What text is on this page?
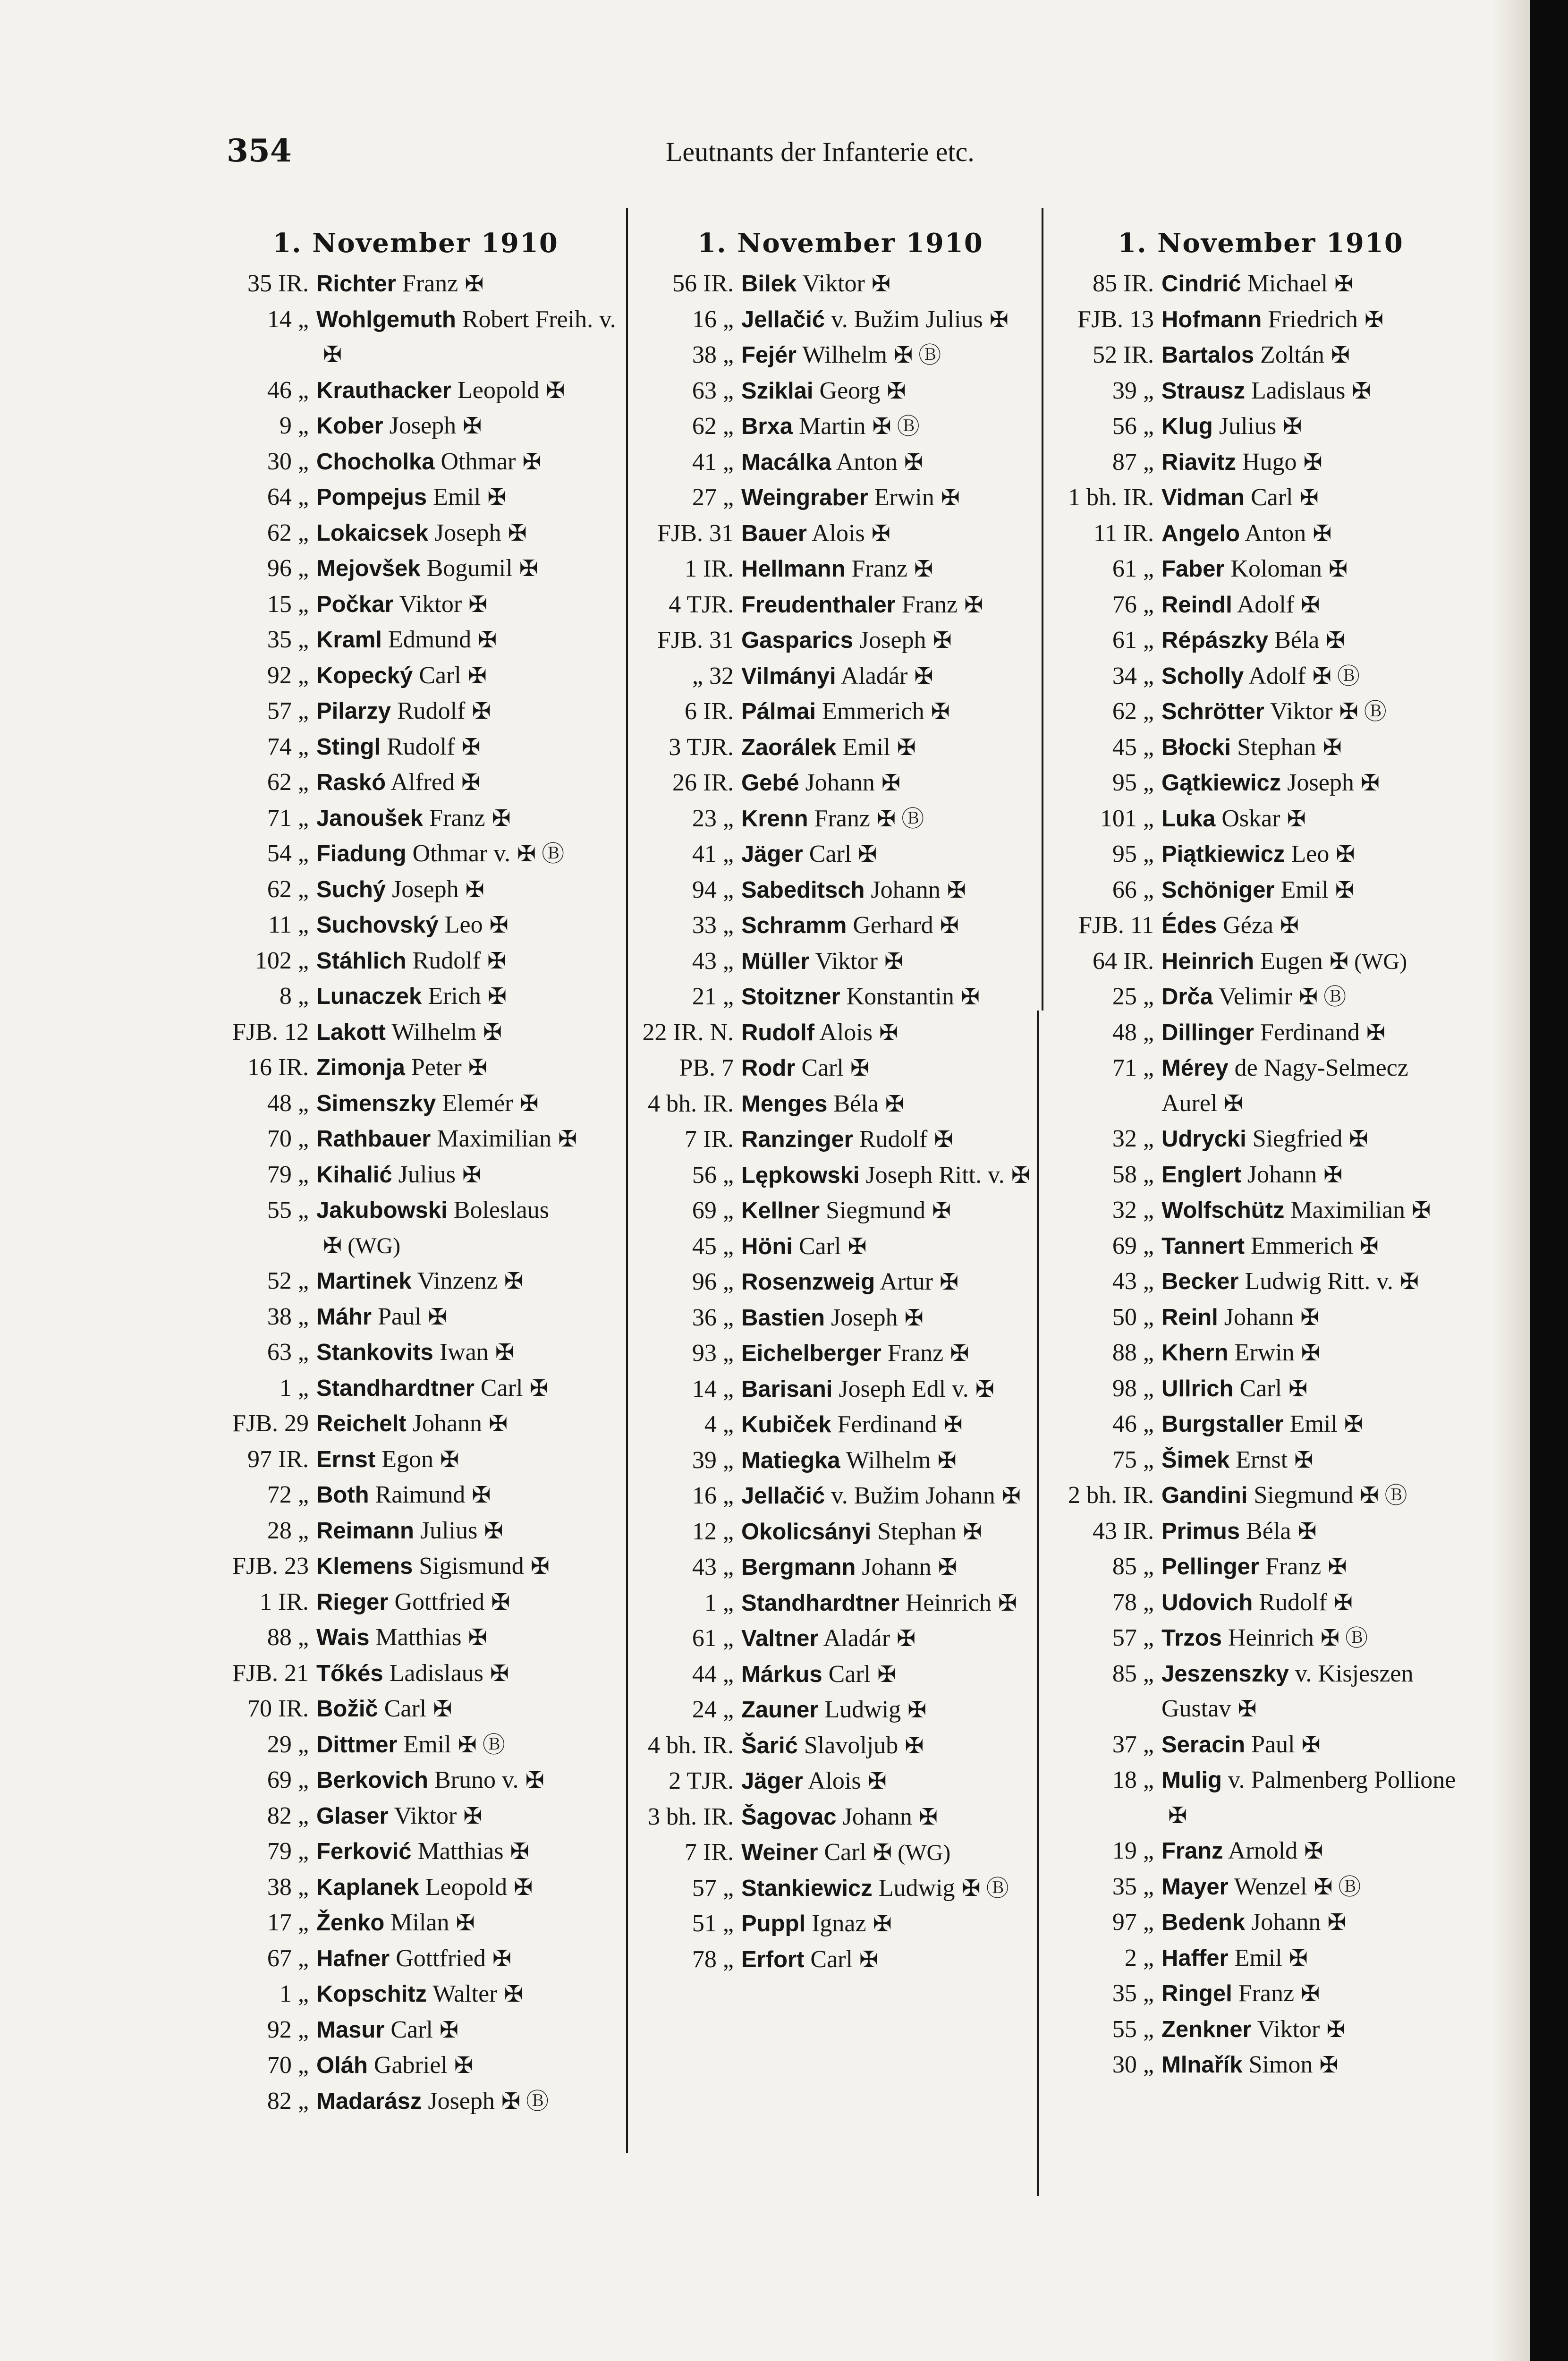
354	Leutnants der Infanterie etc.
1. November 1910
35 IR. Richter Franz ✠
14 „ Wohlgemuth Robert Freih. v.✠
46 „ Krauthacker Leopold ✠
9 „ Kober Joseph ✠
30 „ Chocholka Othmar ✠
64 „ Pompejus Emil ✠
62 „ Lokaicsek Joseph ✠
96 „ Mejovšek Bogumil ✠
15 „ Počkar Viktor ✠
35 „ Kraml Edmund ✠
92 „ Kopecký Carl ✠
57 „ Pilarzy Rudolf ✠
74 „ Stingl Rudolf ✠
62 „ Raskó Alfred ✠
71 „ Janoušek Franz ✠
54 „ Fiadung Othmar v. ✠ Ⓑ
62 „ Suchý Joseph ✠
11 „ Suchovský Leo ✠
102 „ Stáhlich Rudolf ✠
8 „ Lunaczek Erich ✠
FJB. 12 Lakott Wilhelm ✠
16 IR. Zimonja Peter ✠
48 „ Simenszky Elemér ✠
70 „ Rathbauer Maximilian ✠
79 „ Kihalić Julius ✠
55 „ Jakubowski Boleslaus✠ (WG)
52 „ Martinek Vinzenz ✠
38 „ Máhr Paul ✠
63 „ Stankovits Iwan ✠
1 „ Standhardtner Carl ✠
FJB. 29 Reichelt Johann ✠
97 IR. Ernst Egon ✠
72 „ Both Raimund ✠
28 „ Reimann Julius ✠
FJB. 23 Klemens Sigismund ✠
1 IR. Rieger Gottfried ✠
88 „ Wais Matthias ✠
FJB. 21 Tőkés Ladislaus ✠
70 IR. Božič Carl ✠
29 „ Dittmer Emil ✠ Ⓑ
69 „ Berkovich Bruno v. ✠
82 „ Glaser Viktor ✠
79 „ Ferković Matthias ✠
38 „ Kaplanek Leopold ✠
17 „ Ženko Milan ✠
67 „ Hafner Gottfried ✠
1 „ Kopschitz Walter ✠
92 „ Masur Carl ✠
70 „ Oláh Gabriel ✠
82 „ Madarász Joseph ✠ Ⓑ
1. November 1910
56 IR. Bilek Viktor ✠
16 „ Jellačić v. Bužim Julius ✠
38 „ Fejér Wilhelm ✠ Ⓑ
63 „ Sziklai Georg ✠
62 „ Brxa Martin ✠ Ⓑ
41 „ Macálka Anton ✠
27 „ Weingraber Erwin ✠
FJB. 31 Bauer Alois ✠
1 IR. Hellmann Franz ✠
4 TJR. Freudenthaler Franz ✠
FJB. 31 Gasparics Joseph ✠
„ 32 Vilmányi Aladár ✠
6 IR. Pálmai Emmerich ✠
3 TJR. Zaorálek Emil ✠
26 IR. Gebé Johann ✠
23 „ Krenn Franz ✠ Ⓑ
41 „ Jäger Carl ✠
94 „ Sabeditsch Johann ✠
33 „ Schramm Gerhard ✠
43 „ Müller Viktor ✠
21 „ Stoitzner Konstantin ✠
22 IR. N. Rudolf Alois ✠
PB. 7 Rodr Carl ✠
4 bh. IR. Menges Béla ✠
7 IR. Ranzinger Rudolf ✠
56 „ Lępkowski Joseph Ritt. v. ✠
69 „ Kellner Siegmund ✠
45 „ Höni Carl ✠
96 „ Rosenzweig Artur ✠
36 „ Bastien Joseph ✠
93 „ Eichelberger Franz ✠
14 „ Barisani Joseph Edl v. ✠
4 „ Kubiček Ferdinand ✠
39 „ Matiegka Wilhelm ✠
16 „ Jellačić v. Bužim Johann ✠
12 „ Okolicsányi Stephan ✠
43 „ Bergmann Johann ✠
1 „ Standhardtner Heinrich ✠
61 „ Valtner Aladár ✠
44 „ Márkus Carl ✠
24 „ Zauner Ludwig ✠
4 bh. IR. Šarić Slavoljub ✠
2 TJR. Jäger Alois ✠
3 bh. IR. Šagovac Johann ✠
7 IR. Weiner Carl ✠ (WG)
57 „ Stankiewicz Ludwig ✠ Ⓑ
51 „ Puppl Ignaz ✠
78 „ Erfort Carl ✠
1. November 1910
85 IR. Cindrić Michael ✠
FJB. 13 Hofmann Friedrich ✠
52 IR. Bartalos Zoltán ✠
39 „ Strausz Ladislaus ✠
56 „ Klug Julius ✠
87 „ Riavitz Hugo ✠
1 bh. IR. Vidman Carl ✠
11 IR. Angelo Anton ✠
61 „ Faber Koloman ✠
76 „ Reindl Adolf ✠
61 „ Répászky Béla ✠
34 „ Scholly Adolf ✠ Ⓑ
62 „ Schrötter Viktor ✠ Ⓑ
45 „ Błocki Stephan ✠
95 „ Gątkiewicz Joseph ✠
101 „ Luka Oskar ✠
95 „ Piątkiewicz Leo ✠
66 „ Schöniger Emil ✠
FJB. 11 Édes Géza ✠
64 IR. Heinrich Eugen ✠ (WG)
25 „ Drča Velimir ✠ Ⓑ
48 „ Dillinger Ferdinand ✠
71 „ Mérey de Nagy-Selmecz Aurel ✠
32 „ Udrycki Siegfried ✠
58 „ Englert Johann ✠
32 „ Wolfschütz Maximilian ✠
69 „ Tannert Emmerich ✠
43 „ Becker Ludwig Ritt. v. ✠
50 „ Reinl Johann ✠
88 „ Khern Erwin ✠
98 „ Ullrich Carl ✠
46 „ Burgstaller Emil ✠
75 „ Šimek Ernst ✠
2 bh. IR. Gandini Siegmund ✠ Ⓑ
43 IR. Primus Béla ✠
85 „ Pellinger Franz ✠
78 „ Udovich Rudolf ✠
57 „ Trzos Heinrich ✠ Ⓑ
85 „ Jeszenszky v. Kisjeszen Gustav ✠
37 „ Seracin Paul ✠
18 „ Mulig v. Palmenberg Pollione✠
19 „ Franz Arnold ✠
35 „ Mayer Wenzel ✠ Ⓑ
97 „ Bedenk Johann ✠
2 „ Haffer Emil ✠
35 „ Ringel Franz ✠
55 „ Zenkner Viktor ✠
30 „ Mlnařík Simon ✠
